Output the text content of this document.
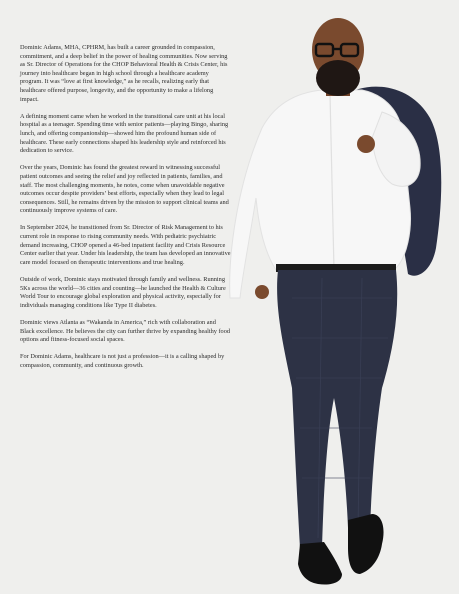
Dominic Adams, MHA, CPHRM, has built a career grounded in compassion, commitment, and a deep belief in the power of healing communities. Now serving as Sr. Director of Operations for the CHOP Behavioral Health & Crisis Center, his journey into healthcare began in high school through a healthcare academy program. It was “love at first knowledge,” as he recalls, realizing early that healthcare offered purpose, longevity, and the opportunity to make a lifelong impact.

A defining moment came when he worked in the transitional care unit at his local hospital as a teenager. Spending time with senior patients—playing Bingo, sharing lunch, and offering companionship—showed him the profound human side of healthcare. These early connections shaped his leadership style and reinforced his dedication to service.

Over the years, Dominic has found the greatest reward in witnessing successful patient outcomes and seeing the relief and joy reflected in patients, families, and staff. The most challenging moments, he notes, come when unavoidable negative outcomes occur despite providers’ best efforts, especially when they lead to legal consequences. Still, he remains driven by the mission to support clinical teams and continuously improve systems of care.

In September 2024, he transitioned from Sr. Director of Risk Management to his current role in response to rising community needs. With pediatric psychiatric demand increasing, CHOP opened a 46-bed inpatient facility and Crisis Resource Center earlier that year. Under his leadership, the team has developed an innovative care model focused on therapeutic interventions and true healing.

Outside of work, Dominic stays motivated through family and wellness. Running 5Ks across the world—36 cities and counting—he launched the Health & Culture World Tour to encourage global exploration and physical activity, especially for individuals managing conditions like Type II diabetes.

Dominic views Atlanta as “Wakanda in America,” rich with collaboration and Black excellence. He believes the city can further thrive by expanding healthy food options and fitness-focused social spaces.

For Dominic Adams, healthcare is not just a profession—it is a calling shaped by compassion, community, and continuous growth.
